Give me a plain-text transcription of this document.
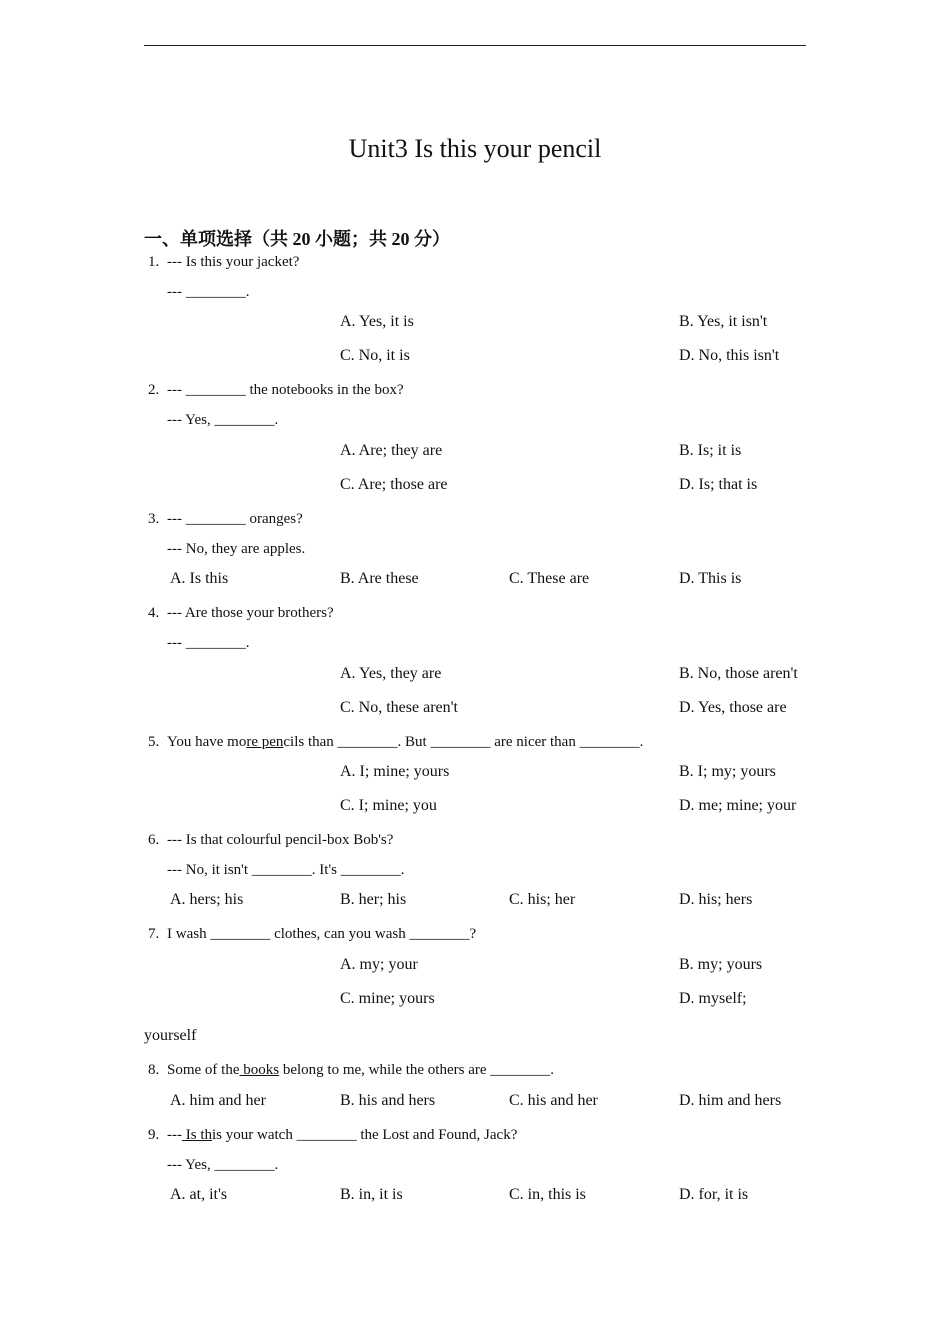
Unit3 Is this your pencil
一、单项选择（共 20 小题；共 20 分）
1. --- Is this your jacket?
--- ________.
A. Yes, it is	B. Yes, it isn't
C. No, it is	D. No, this isn't
2. --- ________ the notebooks in the box?
--- Yes, ________.
A. Are; they are	B. Is; it is
C. Are; those are	D. Is; that is
3. --- ________ oranges?
--- No, they are apples.
A. Is this	B. Are these	C. These are	D. This is
4. --- Are those your brothers?
--- ________.
A. Yes, they are	B. No, those aren't
C. No, these aren't	D. Yes, those are
5. You have more pencils than ________. But ________ are nicer than ________.
A. I; mine; yours	B. I; my; yours
C. I; mine; you	D. me; mine; your
6. --- Is that colourful pencil-box Bob's?
--- No, it isn't ________. It's ________.
A. hers; his	B. her; his	C. his; her	D. his; hers
7. I wash ________ clothes, can you wash ________?
A. my; your	B. my; yours
C. mine; yours	D. myself;
yourself
8. Some of the books belong to me, while the others are ________.
A. him and her	B. his and hers	C. his and her	D. him and hers
9. --- Is this your watch ________ the Lost and Found, Jack?
--- Yes, ________.
A. at, it's	B. in, it is	C. in, this is	D. for, it is
